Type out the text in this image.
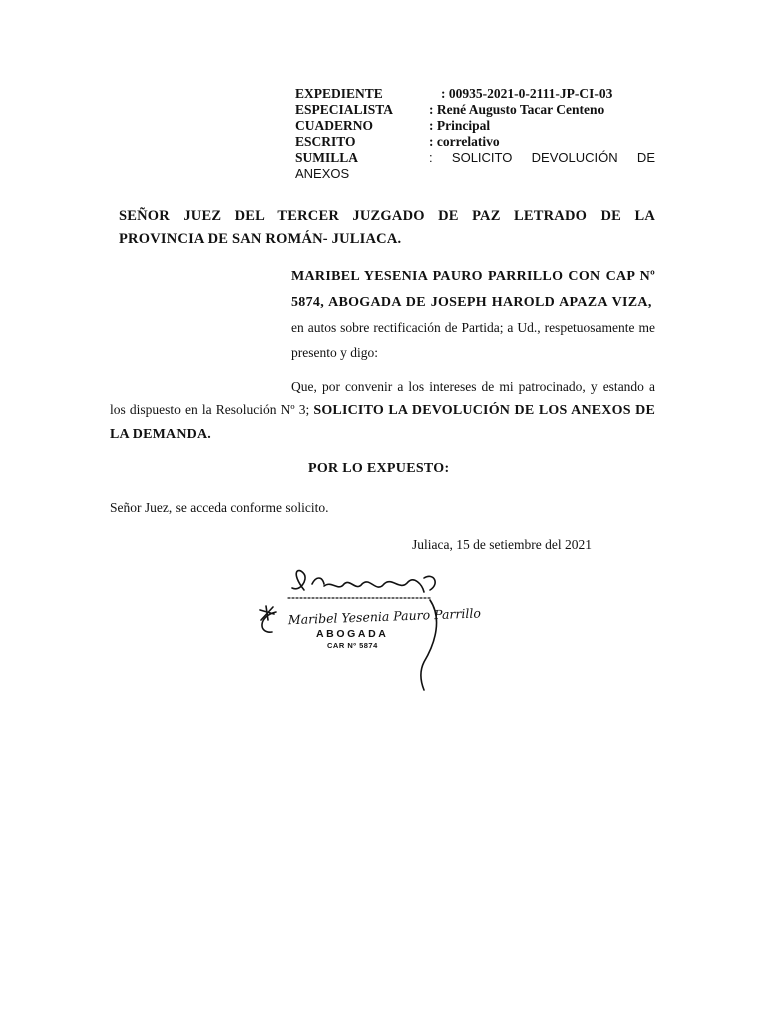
EXPEDIENTE	: 00935-2021-0-2111-JP-CI-03
ESPECIALISTA	: René Augusto Tacar Centeno
CUADERNO	: Principal
ESCRITO	: correlativo
SUMILLA	: SOLICITO DEVOLUCIÓN DE
ANEXOS
SEÑOR JUEZ DEL TERCER JUZGADO DE PAZ LETRADO DE LA
PROVINCIA DE SAN ROMÁN- JULIACA.
MARIBEL YESENIA PAURO PARRILLO CON CAP Nº 5874, ABOGADA DE JOSEPH HAROLD APAZA VIZA,  en autos sobre rectificación de Partida; a Ud., respetuosamente me presento y digo:
Que, por convenir a los intereses de mi patrocinado, y estando a los dispuesto en la Resolución Nº 3; SOLICITO LA DEVOLUCIÓN DE LOS ANEXOS DE LA DEMANDA.
POR LO EXPUESTO:
Señor Juez, se acceda conforme solicito.
Juliaca, 15 de setiembre del 2021
Maribel Yesenia Pauro Parrillo
ABOGADA
CAR Nº 5874
